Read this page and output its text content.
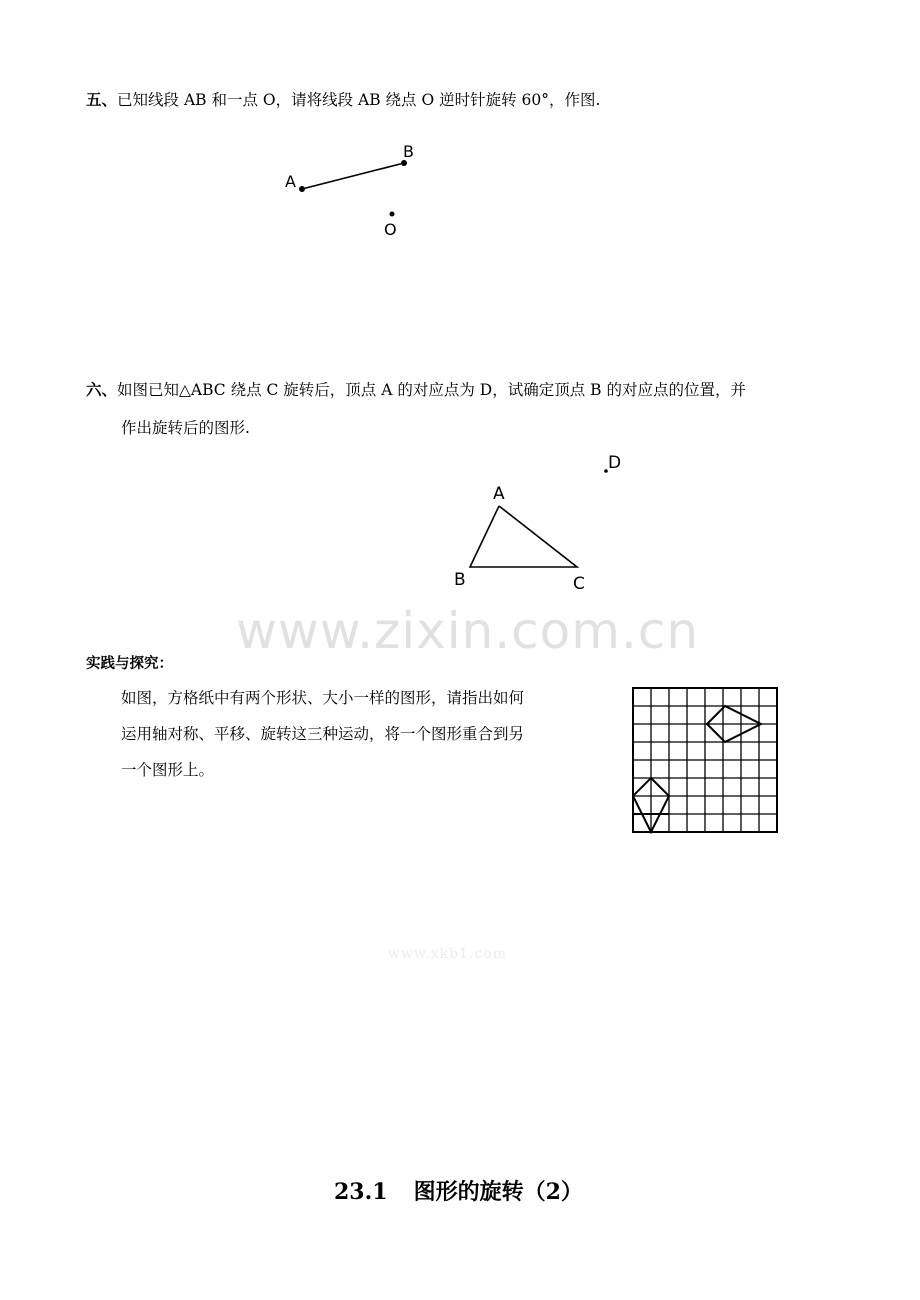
五、已知线段 AB 和一点 O，请将线段 AB 绕点 O 逆时针旋转 60°，作图.
A
B
O
六、如图已知△ABC 绕点 C 旋转后，顶点 A 的对应点为 D，试确定顶点 B 的对应点的位置，并
作出旋转后的图形.
A
B	C
D
www.zixin.com.cn
实践与探究：
如图，方格纸中有两个形状、大小一样的图形，请指出如何
运用轴对称、平移、旋转这三种运动，将一个图形重合到另
一个图形上。
www.xkb1.com
23.1 图形的旋转（2）
